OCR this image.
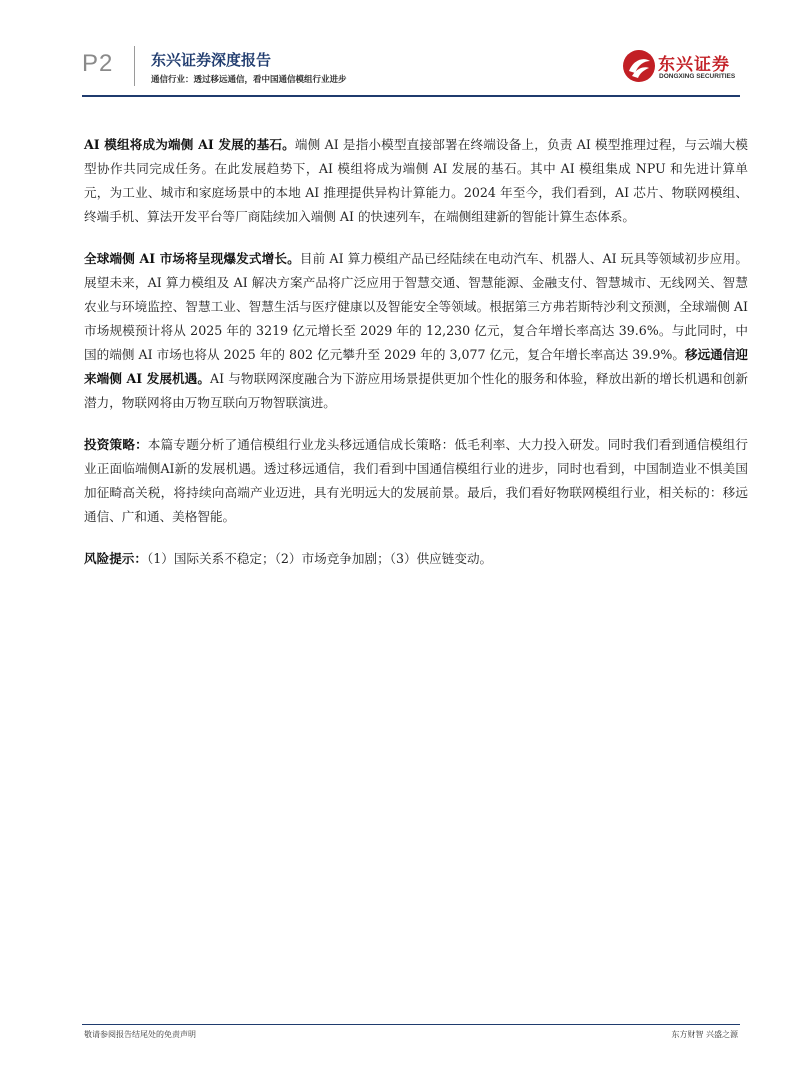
P2	东兴证券深度报告
通信行业：透过移远通信，看中国通信模组行业进步
东兴证券
DONGXING SECURITIES

AI 模组将成为端侧 AI 发展的基石。端侧 AI 是指小模型直接部署在终端设备上，负责 AI 模型推理过程，与云端大模型协作共同完成任务。在此发展趋势下，AI 模组将成为端侧 AI 发展的基石。其中 AI 模组集成 NPU 和先进计算单元，为工业、城市和家庭场景中的本地 AI 推理提供异构计算能力。2024 年至今，我们看到，AI 芯片、物联网模组、终端手机、算法开发平台等厂商陆续加入端侧 AI 的快速列车，在端侧组建新的智能计算生态体系。

全球端侧 AI 市场将呈现爆发式增长。目前 AI 算力模组产品已经陆续在电动汽车、机器人、AI 玩具等领域初步应用。展望未来，AI 算力模组及 AI 解决方案产品将广泛应用于智慧交通、智慧能源、金融支付、智慧城市、无线网关、智慧农业与环境监控、智慧工业、智慧生活与医疗健康以及智能安全等领域。根据第三方弗若斯特沙利文预测，全球端侧 AI 市场规模预计将从 2025 年的 3219 亿元增长至 2029 年的 12,230 亿元，复合年增长率高达 39.6%。与此同时，中国的端侧 AI 市场也将从 2025 年的 802 亿元攀升至 2029 年的 3,077 亿元，复合年增长率高达 39.9%。移远通信迎来端侧 AI 发展机遇。AI 与物联网深度融合为下游应用场景提供更加个性化的服务和体验，释放出新的增长机遇和创新潜力，物联网将由万物互联向万物智联演进。

投资策略：本篇专题分析了通信模组行业龙头移远通信成长策略：低毛利率、大力投入研发。同时我们看到通信模组行业正面临端侧AI新的发展机遇。透过移远通信，我们看到中国通信模组行业的进步，同时也看到，中国制造业不惧美国加征畸高关税，将持续向高端产业迈进，具有光明远大的发展前景。最后，我们看好物联网模组行业，相关标的：移远通信、广和通、美格智能。

风险提示：（1）国际关系不稳定；（2）市场竞争加剧；（3）供应链变动。

敬请参阅报告结尾处的免责声明	东方财智 兴盛之源
